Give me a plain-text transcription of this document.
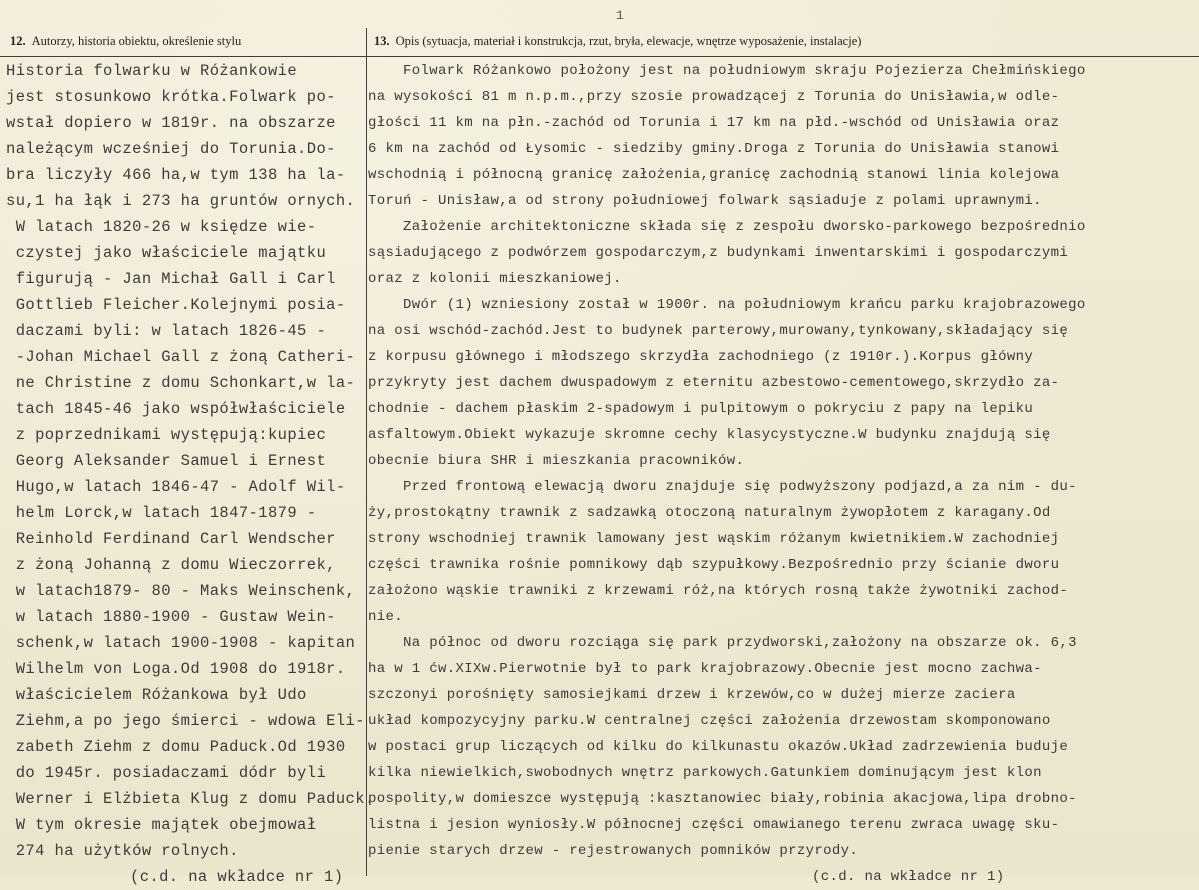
1
12. Autorzy, historia obiektu, określenie stylu	13. Opis (sytuacja, materiał i konstrukcja, rzut, bryła, elewacje, wnętrze wyposażenie, instalacje)
Historia folwarku w Różankowie
jest stosunkowo krótka.Folwark po-
wstał dopiero w 1819r. na obszarze
należącym wcześniej do Torunia.Do-
bra liczyły 466 ha,w tym 138 ha la-
su,1 ha łąk i 273 ha gruntów ornych.
W latach 1820-26 w księdze wie-
czystej jako właściciele majątku
figurują - Jan Michał Gall i Carl
Gottlieb Fleicher.Kolejnymi posia-
daczami byli: w latach 1826-45 -
-Johan Michael Gall z żoną Catheri-
ne Christine z domu Schonkart,w la-
tach 1845-46 jako współwłaściciele
z poprzednikami występują:kupiec
Georg Aleksander Samuel i Ernest
Hugo,w latach 1846-47 - Adolf Wil-
helm Lorck,w latach 1847-1879 -
Reinhold Ferdinand Carl Wendscher
z żoną Johanną z domu Wieczorrek,
w latach1879- 80 - Maks Weinschenk,
w latach 1880-1900 - Gustaw Wein-
schenk,w latach 1900-1908 - kapitan
Wilhelm von Loga.Od 1908 do 1918r.
właścicielem Różankowa był Udo
Ziehm,a po jego śmierci - wdowa Eli-
zabeth Ziehm z domu Paduck.Od 1930
do 1945r. posiadaczami dódr byli
Werner i Elżbieta Klug z domu Paduck.
W tym okresie majątek obejmował
274 ha użytków rolnych.
(c.d. na wkładce nr 1)
Folwark Różankowo położony jest na południowym skraju Pojezierza Chełmińskiego
na wysokości 81 m n.p.m.,przy szosie prowadzącej z Torunia do Unisławia,w odle-
głości 11 km na płn.-zachód od Torunia i 17 km na płd.-wschód od Unisławia oraz
6 km na zachód od Łysomic - siedziby gminy.Droga z Torunia do Unisławia stanowi
wschodnią i północną granicę założenia,granicę zachodnią stanowi linia kolejowa
Toruń - Unisław,a od strony południowej folwark sąsiaduje z polami uprawnymi.
Założenie architektoniczne składa się z zespołu dworsko-parkowego bezpośrednio
sąsiadującego z podwórzem gospodarczym,z budynkami inwentarskimi i gospodarczymi
oraz z kolonii mieszkaniowej.
Dwór (1) wzniesiony został w 1900r. na południowym krańcu parku krajobrazowego
na osi wschód-zachód.Jest to budynek parterowy,murowany,tynkowany,składający się
z korpusu głównego i młodszego skrzydła zachodniego (z 1910r.).Korpus główny
przykryty jest dachem dwuspadowym z eternitu azbestowo-cementowego,skrzydło za-
chodnie - dachem płaskim 2-spadowym i pulpitowym o pokryciu z papy na lepiku
asfaltowym.Obiekt wykazuje skromne cechy klasycystyczne.W budynku znajdują się
obecnie biura SHR i mieszkania pracowników.
Przed frontową elewacją dworu znajduje się podwyższony podjazd,a za nim - du-
ży,prostokątny trawnik z sadzawką otoczoną naturalnym żywopłotem z karagany.Od
strony wschodniej trawnik lamowany jest wąskim różanym kwietnikiem.W zachodniej
części trawnika rośnie pomnikowy dąb szypułkowy.Bezpośrednio przy ścianie dworu
założono wąskie trawniki z krzewami róż,na których rosną także żywotniki zachod-
nie.
Na północ od dworu rozciąga się park przydworski,założony na obszarze ok. 6,3
ha w 1 ćw.XIXw.Pierwotnie był to park krajobrazowy.Obecnie jest mocno zachwa-
szczonyi porośnięty samosiejkami drzew i krzewów,co w dużej mierze zaciera
układ kompozycyjny parku.W centralnej części założenia drzewostam skomponowano
w postaci grup liczących od kilku do kilkunastu okazów.Układ zadrzewienia buduje
kilka niewielkich,swobodnych wnętrz parkowych.Gatunkiem dominującym jest klon
pospolity,w domieszce występują :kasztanowiec biały,robinia akacjowa,lipa drobno-
listna i jesion wyniosły.W północnej części omawianego terenu zwraca uwagę sku-
pienie starych drzew - rejestrowanych pomników przyrody.
(c.d. na wkładce nr 1)
